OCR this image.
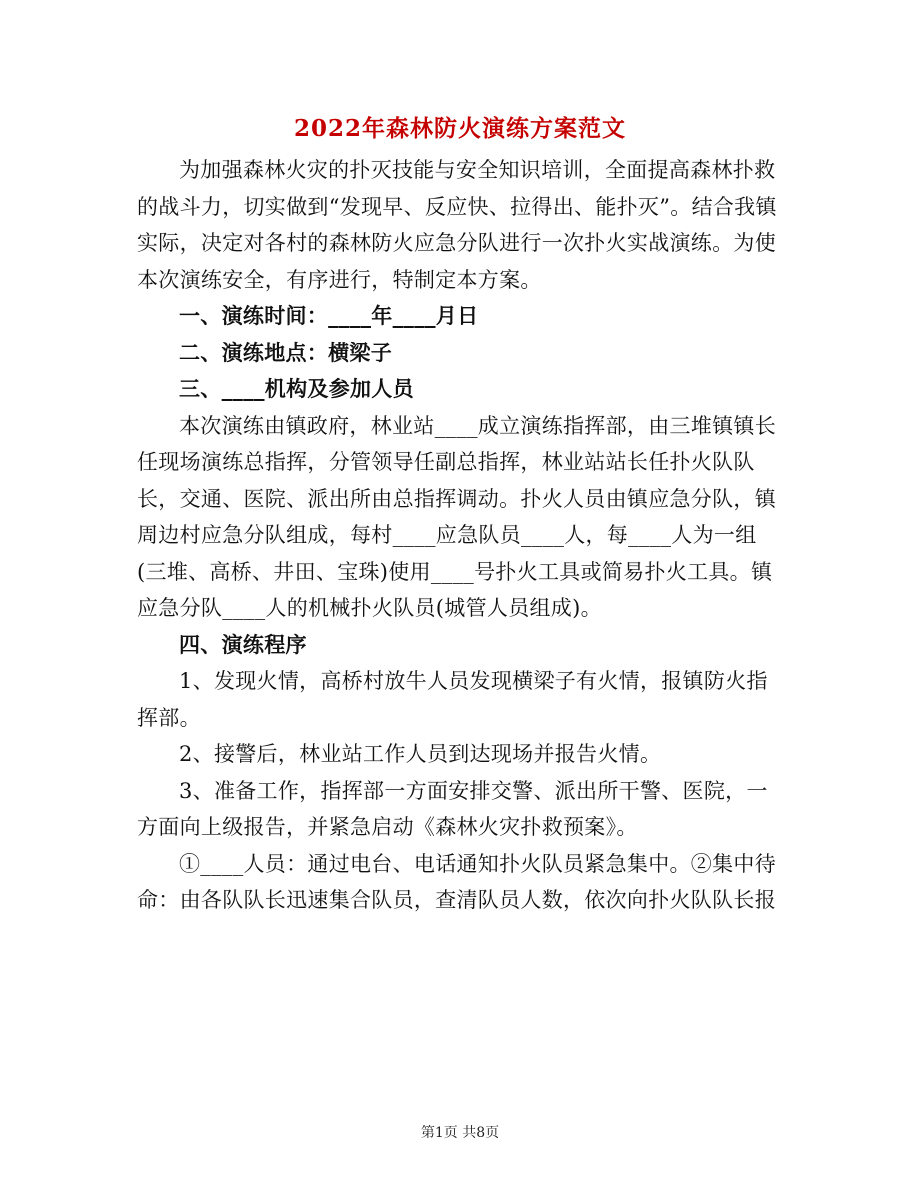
2022年森林防火演练方案范文

为加强森林火灾的扑灭技能与安全知识培训，全面提高森林扑救的战斗力，切实做到“发现早、反应快、拉得出、能扑灭”。结合我镇实际，决定对各村的森林防火应急分队进行一次扑火实战演练。为使本次演练安全，有序进行，特制定本方案。

一、演练时间：____年____月日

二、演练地点：横梁子

三、____机构及参加人员

本次演练由镇政府，林业站____成立演练指挥部，由三堆镇镇长任现场演练总指挥，分管领导任副总指挥，林业站站长任扑火队队长，交通、医院、派出所由总指挥调动。扑火人员由镇应急分队，镇周边村应急分队组成，每村____应急队员____人，每____人为一组(三堆、高桥、井田、宝珠)使用____号扑火工具或简易扑火工具。镇应急分队____人的机械扑火队员(城管人员组成)。

四、演练程序

1、发现火情，高桥村放牛人员发现横梁子有火情，报镇防火指挥部。

2、接警后，林业站工作人员到达现场并报告火情。

3、准备工作，指挥部一方面安排交警、派出所干警、医院，一方面向上级报告，并紧急启动《森林火灾扑救预案》。

①____人员：通过电台、电话通知扑火队员紧急集中。②集中待命：由各队队长迅速集合队员，查清队员人数，依次向扑火队队长报

第1页 共8页
